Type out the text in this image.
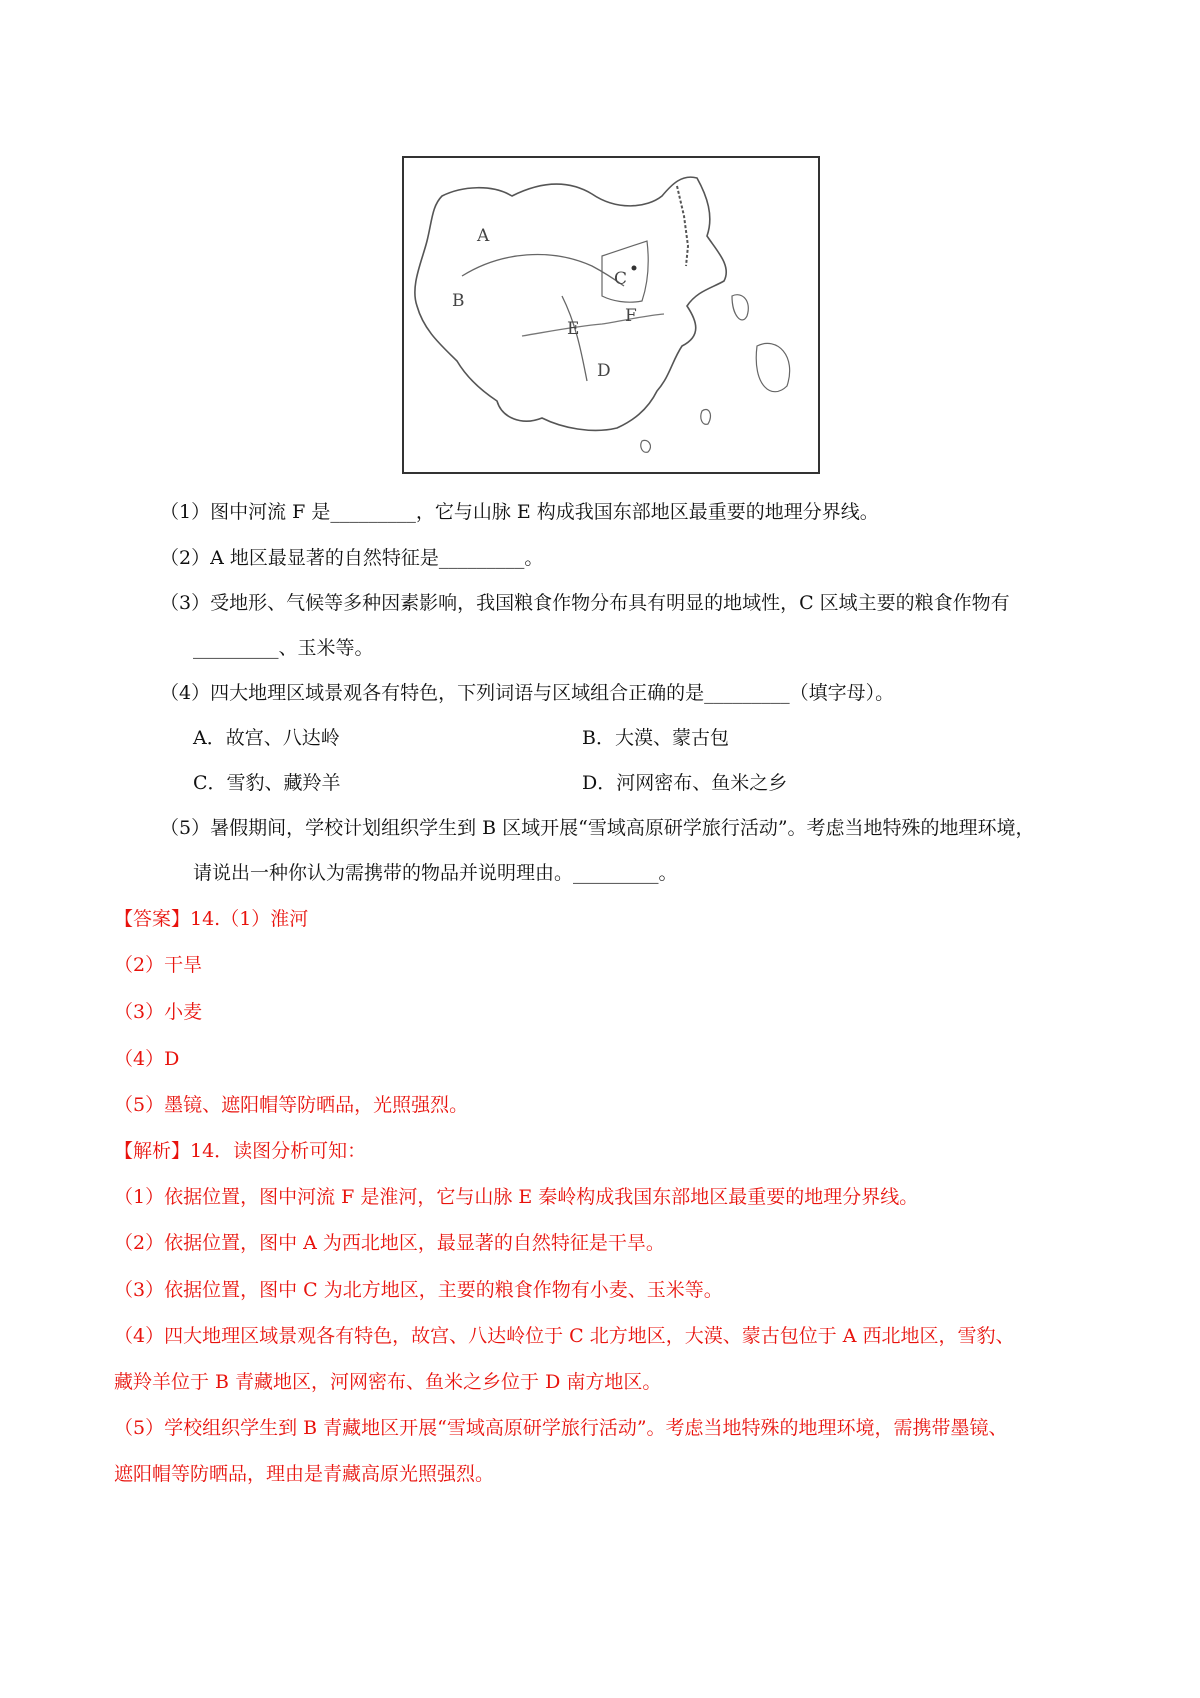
A
B
C
D
E
F
（1）图中河流 F 是_________，它与山脉 E 构成我国东部地区最重要的地理分界线。
（2）A 地区最显著的自然特征是_________。
（3）受地形、气候等多种因素影响，我国粮食作物分布具有明显的地域性，C 区域主要的粮食作物有
_________、玉米等。
（4）四大地理区域景观各有特色，下列词语与区域组合正确的是_________（填字母）。
A．故宫、八达岭	B．大漠、蒙古包
C．雪豹、藏羚羊	D．河网密布、鱼米之乡
（5）暑假期间，学校计划组织学生到 B 区域开展“雪域高原研学旅行活动”。考虑当地特殊的地理环境，
请说出一种你认为需携带的物品并说明理由。_________。
【答案】14.（1）淮河
（2）干旱
（3）小麦
（4）D
（5）墨镜、遮阳帽等防晒品，光照强烈。
【解析】14．读图分析可知：
（1）依据位置，图中河流 F 是淮河，它与山脉 E 秦岭构成我国东部地区最重要的地理分界线。
（2）依据位置，图中 A 为西北地区，最显著的自然特征是干旱。
（3）依据位置，图中 C 为北方地区，主要的粮食作物有小麦、玉米等。
（4）四大地理区域景观各有特色，故宫、八达岭位于 C 北方地区，大漠、蒙古包位于 A 西北地区，雪豹、
藏羚羊位于 B 青藏地区，河网密布、鱼米之乡位于 D 南方地区。
（5）学校组织学生到 B 青藏地区开展“雪域高原研学旅行活动”。考虑当地特殊的地理环境，需携带墨镜、
遮阳帽等防晒品，理由是青藏高原光照强烈。
